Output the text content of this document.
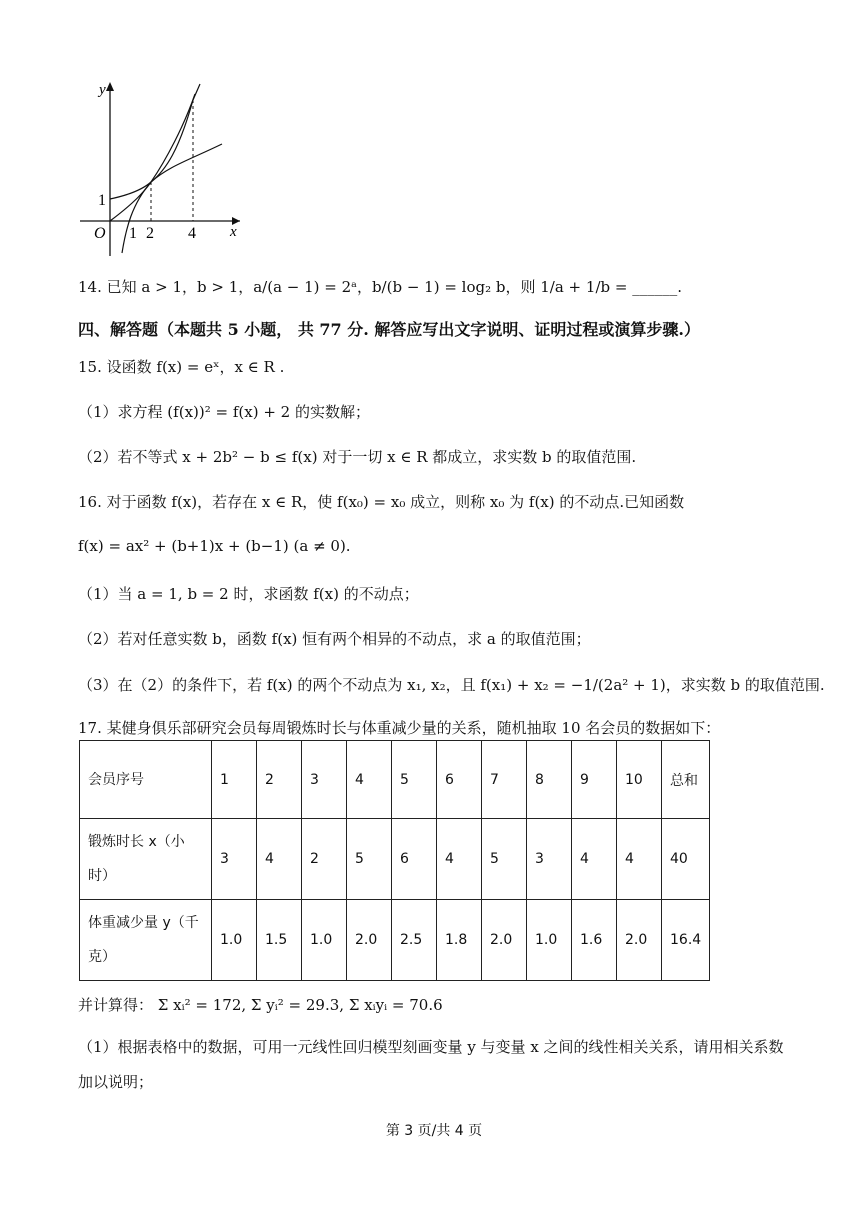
y
x
O
1
1 2 4
14. 已知 a > 1，b > 1，a/(a − 1) = 2ᵃ，b/(b − 1) = log₂ b，则 1/a + 1/b = ______.
四、解答题（本题共 5 小题， 共 77 分. 解答应写出文字说明、证明过程或演算步骤.）
15. 设函数 f(x) = eˣ，x ∈ R .
（1）求方程 (f(x))² = f(x) + 2 的实数解；
（2）若不等式 x + 2b² − b ≤ f(x) 对于一切 x ∈ R 都成立，求实数 b 的取值范围.
16. 对于函数 f(x)，若存在 x ∈ R，使 f(x₀) = x₀ 成立，则称 x₀ 为 f(x) 的不动点.已知函数
f(x) = ax² + (b+1)x + (b−1) (a ≠ 0).
（1）当 a = 1, b = 2 时，求函数 f(x) 的不动点；
（2）若对任意实数 b，函数 f(x) 恒有两个相异的不动点，求 a 的取值范围；
（3）在（2）的条件下，若 f(x) 的两个不动点为 x₁, x₂，且 f(x₁) + x₂ = −1/(2a² + 1)，求实数 b 的取值范围.
17. 某健身俱乐部研究会员每周锻炼时长与体重减少量的关系，随机抽取 10 名会员的数据如下：
会员序号	1	2	3	4	5	6	7	8	9	10	总和
锻炼时长 x（小时）	3	4	2	5	6	4	5	3	4	4	40
体重减少量 y（千克）	1.0	1.5	1.0	2.0	2.5	1.8	2.0	1.0	1.6	2.0	16.4
并计算得： Σ xᵢ² = 172, Σ yᵢ² = 29.3, Σ xᵢyᵢ = 70.6
（1）根据表格中的数据，可用一元线性回归模型刻画变量 y 与变量 x 之间的线性相关关系，请用相关系数
加以说明；
第 3 页/共 4 页
